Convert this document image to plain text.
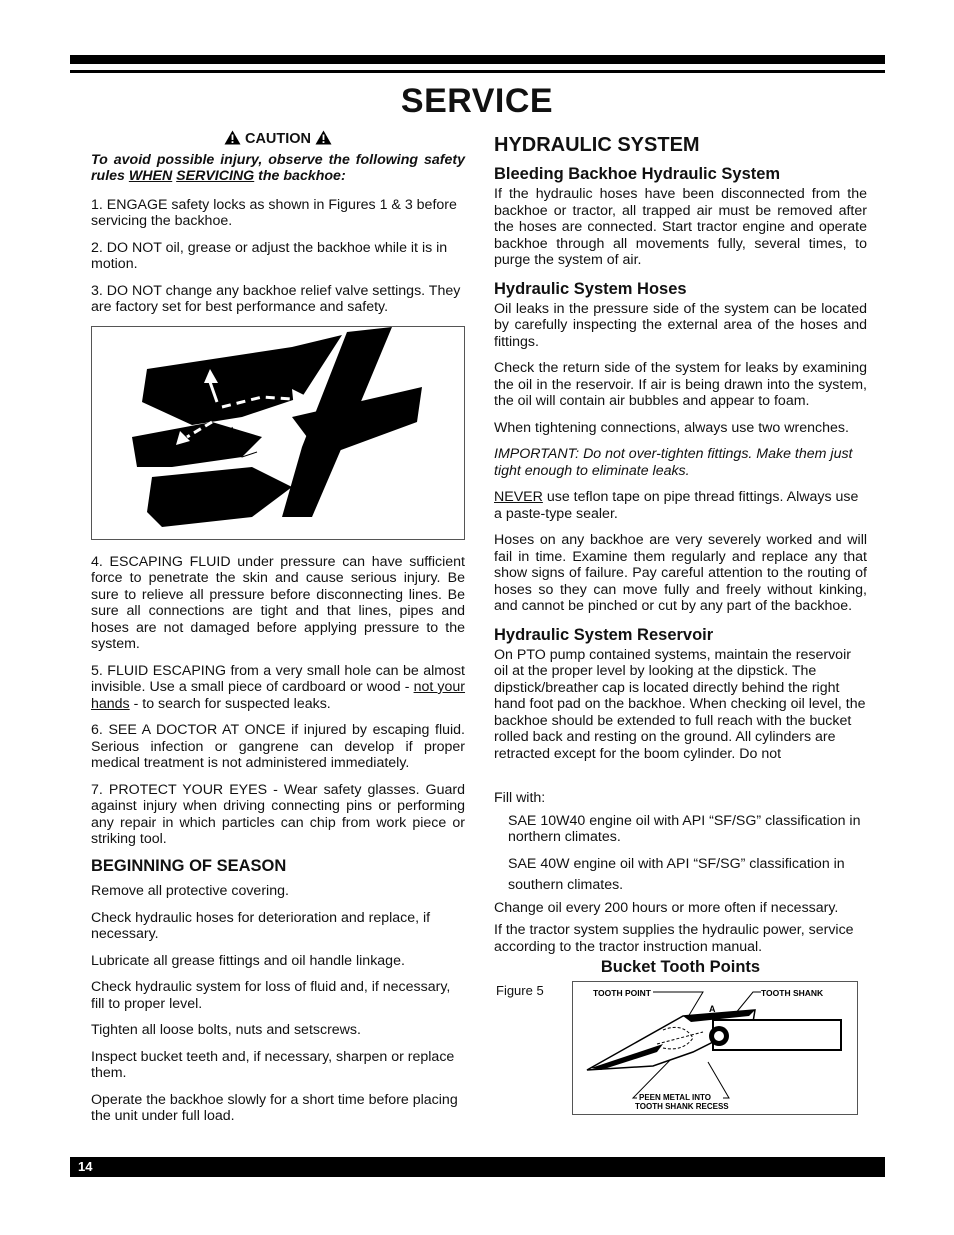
SERVICE
CAUTION

To avoid possible injury, observe the following safety rules WHEN SERVICING the backhoe:

1. ENGAGE safety locks as shown in Figures 1 & 3 before servicing the backhoe.

2. DO NOT oil, grease or adjust the backhoe while it is in motion.

3. DO NOT change any backhoe relief valve settings. They are factory set for best performance and safety.

4. ESCAPING FLUID under pressure can have sufficient force to penetrate the skin and cause serious injury. Be sure to relieve all pressure before disconnecting lines. Be sure all connections are tight and that lines, pipes and hoses are not damaged before applying pressure to the system.

5. FLUID ESCAPING from a very small hole can be almost invisible. Use a small piece of cardboard or wood - not your hands - to search for suspected leaks.

6. SEE A DOCTOR AT ONCE if injured by escaping fluid. Serious infection or gangrene can develop if proper medical treatment is not administered immediately.

7. PROTECT YOUR EYES - Wear safety glasses. Guard against injury when driving connecting pins or performing any repair in which particles can chip from work piece or striking tool.

BEGINNING OF SEASON

Remove all protective covering.

Check hydraulic hoses for deterioration and replace, if necessary.

Lubricate all grease fittings and oil handle linkage.

Check hydraulic system for loss of fluid and, if necessary, fill to proper level.

Tighten all loose bolts, nuts and setscrews.

Inspect bucket teeth and, if necessary, sharpen or replace them.

Operate the backhoe slowly for a short time before placing the unit under full load.

HYDRAULIC SYSTEM
Bleeding Backhoe Hydraulic System

If the hydraulic hoses have been disconnected from the backhoe or tractor, all trapped air must be removed after the hoses are connected. Start tractor engine and operate backhoe through all movements fully, several times, to purge the system of air.

Hydraulic System Hoses

Oil leaks in the pressure side of the system can be located by carefully inspecting the external area of the hoses and fittings.

Check the return side of the system for leaks by examining the oil in the reservoir. If air is being drawn into the system, the oil will contain air bubbles and appear to foam.

When tightening connections, always use two wrenches.

IMPORTANT: Do not over-tighten fittings. Make them just tight enough to eliminate leaks.

NEVER use teflon tape on pipe thread fittings. Always use a paste-type sealer.

Hoses on any backhoe are very severely worked and will fail in time. Examine them regularly and replace any that show signs of failure. Pay careful attention to the routing of hoses so they can move fully and freely without kinking, and cannot be pinched or cut by any part of the backhoe.

Hydraulic System Reservoir

On PTO pump contained systems, maintain the reservoir oil at the proper level by looking at the dipstick. The dipstick/breather cap is located directly behind the right hand foot pad on the backhoe. When checking oil level, the backhoe should be extended to full reach with the bucket rolled back and resting on the ground. All cylinders are retracted except for the boom cylinder. Do not

Fill with:

SAE 10W40 engine oil with API “SF/SG” classification in northern climates.

SAE 40W engine oil with API “SF/SG” classification in southern climates.

Change oil every 200 hours or more often if necessary.

If the tractor system supplies the hydraulic power, service according to the tractor instruction manual.

Bucket Tooth Points
Figure 5	TOOTH POINT	TOOTH SHANK
A
PEEN METAL INTO
TOOTH SHANK RECESS
14
